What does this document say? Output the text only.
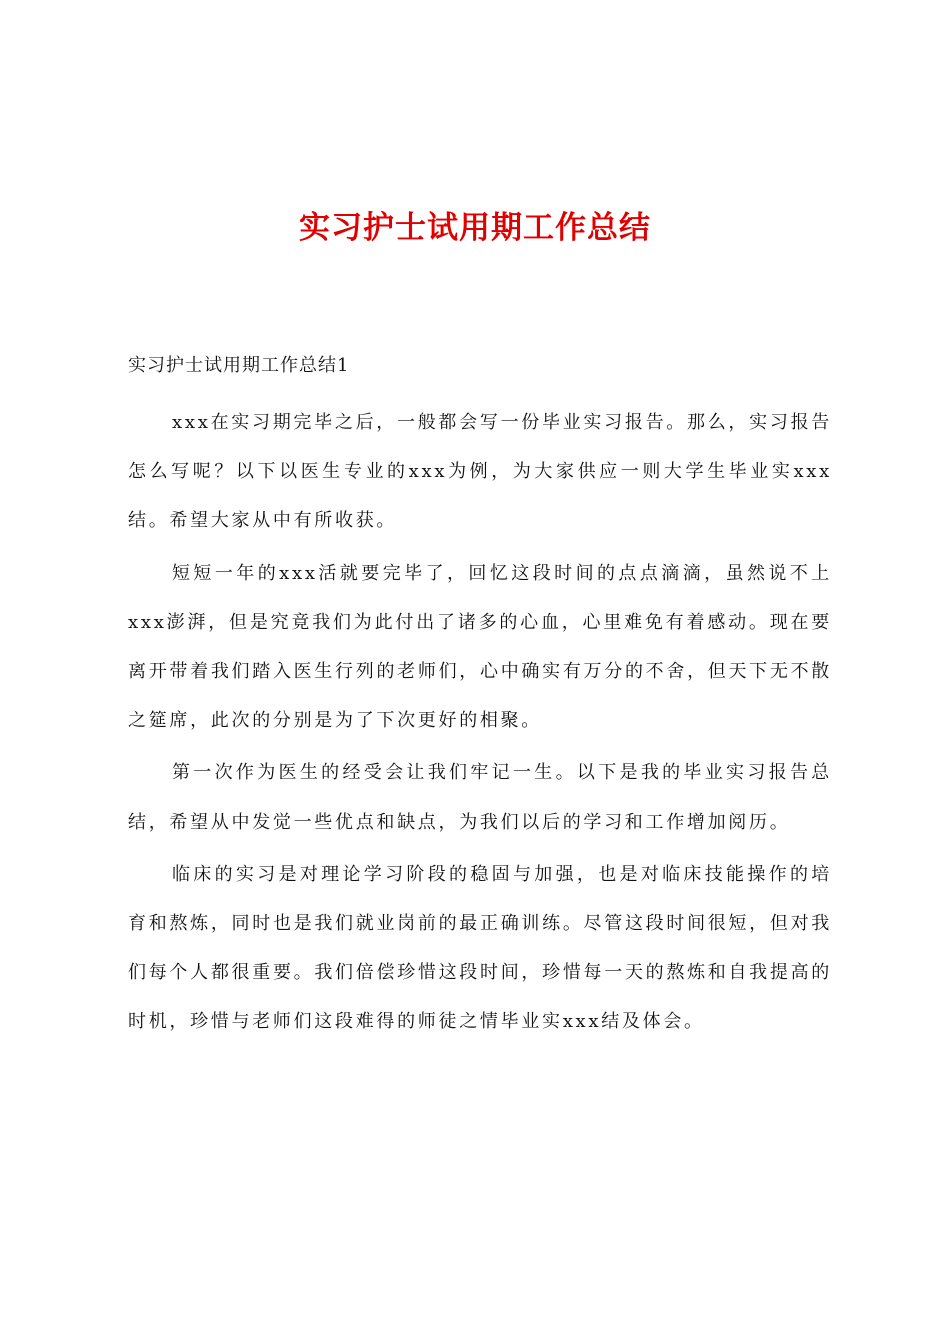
实习护士试用期工作总结
实习护士试用期工作总结1

xxx在实习期完毕之后，一般都会写一份毕业实习报告。那么，实习报告怎么写呢？以下以医生专业的xxx为例，为大家供应一则大学生毕业实xxx结。希望大家从中有所收获。

短短一年的xxx活就要完毕了，回忆这段时间的点点滴滴，虽然说不上xxx澎湃，但是究竟我们为此付出了诸多的心血，心里难免有着感动。现在要离开带着我们踏入医生行列的老师们，心中确实有万分的不舍，但天下无不散之筵席，此次的分别是为了下次更好的相聚。

第一次作为医生的经受会让我们牢记一生。以下是我的毕业实习报告总结，希望从中发觉一些优点和缺点，为我们以后的学习和工作增加阅历。

临床的实习是对理论学习阶段的稳固与加强，也是对临床技能操作的培育和熬炼，同时也是我们就业岗前的最正确训练。尽管这段时间很短，但对我们每个人都很重要。我们倍偿珍惜这段时间，珍惜每一天的熬炼和自我提高的时机，珍惜与老师们这段难得的师徒之情毕业实xxx结及体会。
